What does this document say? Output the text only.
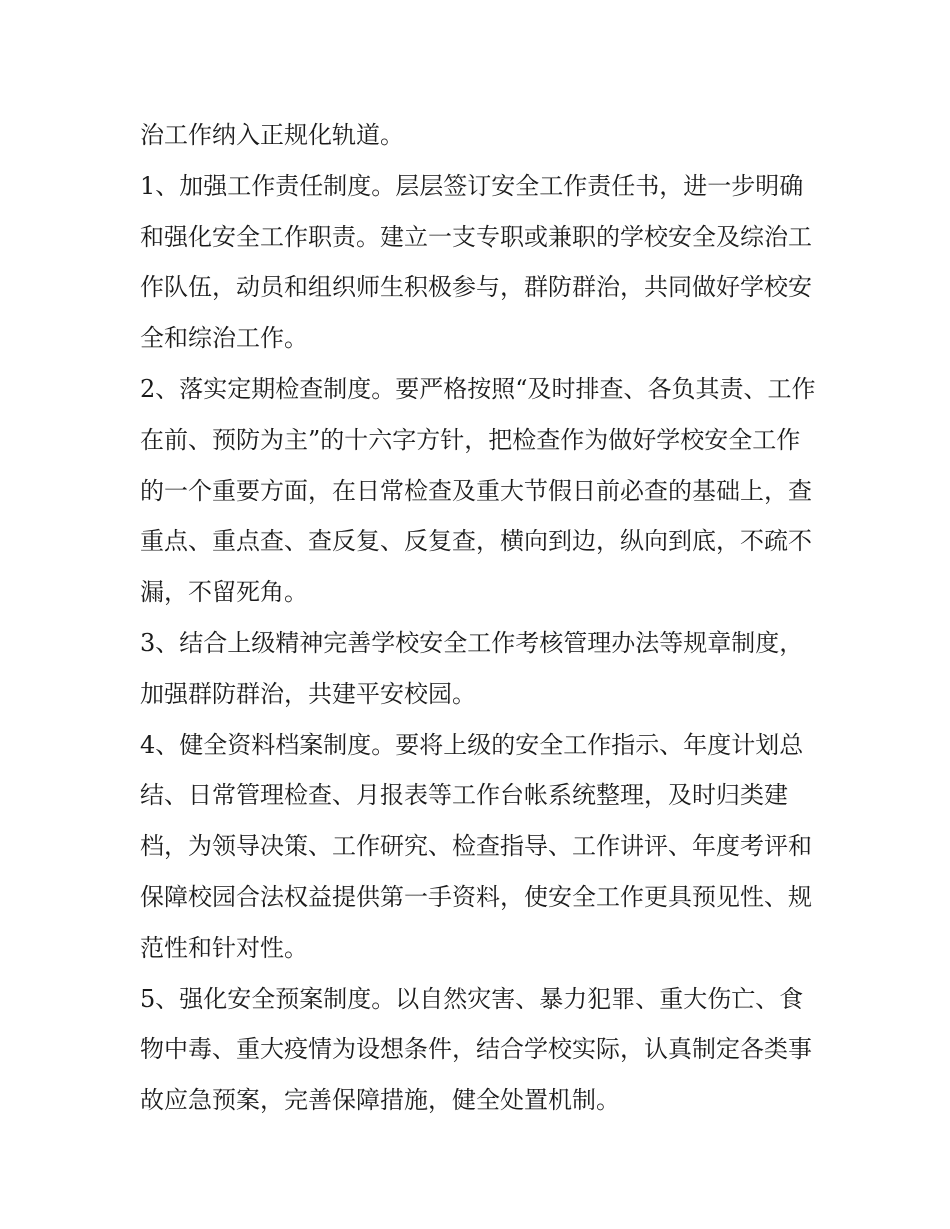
治工作纳入正规化轨道。

1、加强工作责任制度。层层签订安全工作责任书，进一步明确和强化安全工作职责。建立一支专职或兼职的学校安全及综治工作队伍，动员和组织师生积极参与，群防群治，共同做好学校安全和综治工作。

2、落实定期检查制度。要严格按照“及时排查、各负其责、工作在前、预防为主”的十六字方针，把检查作为做好学校安全工作的一个重要方面，在日常检查及重大节假日前必查的基础上，查重点、重点查、查反复、反复查，横向到边，纵向到底，不疏不漏，不留死角。

3、结合上级精神完善学校安全工作考核管理办法等规章制度，加强群防群治，共建平安校园。

4、健全资料档案制度。要将上级的安全工作指示、年度计划总结、日常管理检查、月报表等工作台帐系统整理，及时归类建档，为领导决策、工作研究、检查指导、工作讲评、年度考评和保障校园合法权益提供第一手资料，使安全工作更具预见性、规范性和针对性。

5、强化安全预案制度。以自然灾害、暴力犯罪、重大伤亡、食物中毒、重大疫情为设想条件，结合学校实际，认真制定各类事故应急预案，完善保障措施，健全处置机制。
